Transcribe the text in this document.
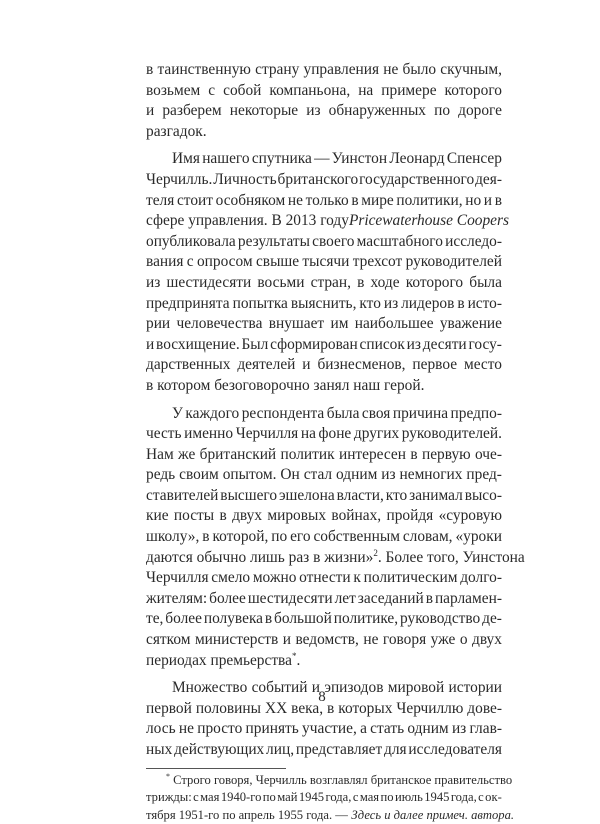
в таинственную страну управления не было скучным,
возьмем с собой компаньона, на примере которого
и разберем некоторые из обнаруженных по дороге
разгадок.
Имя нашего спутника — Уинстон Леонард Спенсер
Черчилль. Личность британского государственного дея-
теля стоит особняком не только в мире политики, но и в
сфере управления. В 2013 году Pricewaterhouse Coopers
опубликовала результаты своего масштабного исследо-
вания с опросом свыше тысячи трехсот руководителей
из шестидесяти восьми стран, в ходе которого была
предпринята попытка выяснить, кто из лидеров в исто-
рии человечества внушает им наибольшее уважение
и восхищение. Был сформирован список из десяти госу-
дарственных деятелей и бизнесменов, первое место
в котором безоговорочно занял наш герой.
У каждого респондента была своя причина предпо-
честь именно Черчилля на фоне других руководителей.
Нам же британский политик интересен в первую оче-
редь своим опытом. Он стал одним из немногих пред-
ставителей высшего эшелона власти, кто занимал высо-
кие посты в двух мировых войнах, пройдя «суровую
школу», в которой, по его собственным словам, «уроки
даются обычно лишь раз в жизни»$^2$. Более того, Уинстона
Черчилля смело можно отнести к политическим долго-
жителям: более шестидесяти лет заседаний в парламен-
те, более полувека в большой политике, руководство де-
сятком министерств и ведомств, не говоря уже о двух
периодах премьерства*.
Множество событий и эпизодов мировой истории
первой половины XX века, в которых Черчиллю дове-
лось не просто принять участие, а стать одним из глав-
ных действующих лиц, представляет для исследователя
* Строго говоря, Черчилль возглавлял британское правительство
трижды: с мая 1940-го по май 1945 года, с мая по июль 1945 года, с ок-
тября 1951-го по апрель 1955 года. — Здесь и далее примеч. автора.
8
